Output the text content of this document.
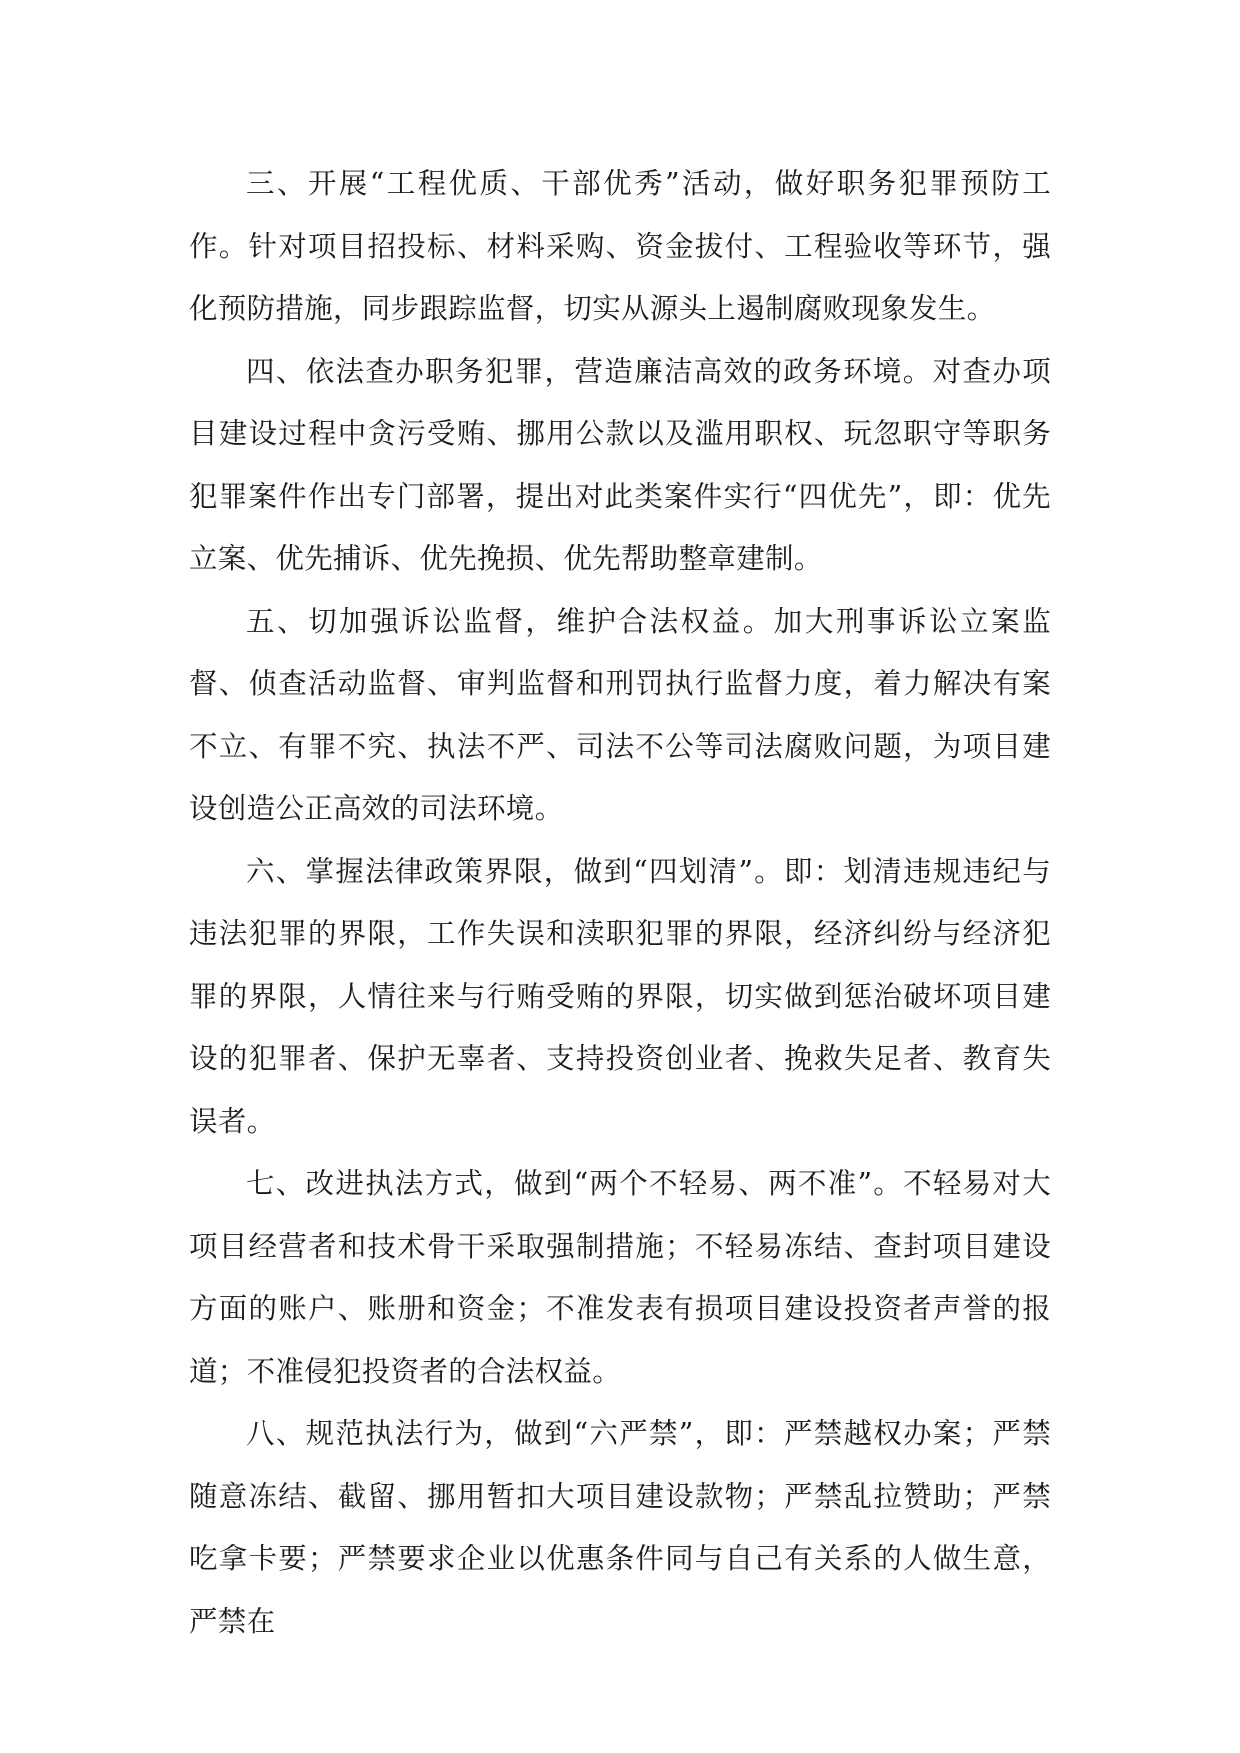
三、开展“工程优质、干部优秀”活动，做好职务犯罪预防工作。针对项目招投标、材料采购、资金拔付、工程验收等环节，强化预防措施，同步跟踪监督，切实从源头上遏制腐败现象发生。

四、依法查办职务犯罪，营造廉洁高效的政务环境。对查办项目建设过程中贪污受贿、挪用公款以及滥用职权、玩忽职守等职务犯罪案件作出专门部署，提出对此类案件实行“四优先”，即：优先立案、优先捕诉、优先挽损、优先帮助整章建制。

五、切加强诉讼监督，维护合法权益。加大刑事诉讼立案监督、侦查活动监督、审判监督和刑罚执行监督力度，着力解决有案不立、有罪不究、执法不严、司法不公等司法腐败问题，为项目建设创造公正高效的司法环境。

六、掌握法律政策界限，做到“四划清”。即：划清违规违纪与违法犯罪的界限，工作失误和渎职犯罪的界限，经济纠纷与经济犯罪的界限，人情往来与行贿受贿的界限，切实做到惩治破坏项目建设的犯罪者、保护无辜者、支持投资创业者、挽救失足者、教育失误者。

七、改进执法方式，做到“两个不轻易、两不准”。不轻易对大项目经营者和技术骨干采取强制措施；不轻易冻结、查封项目建设方面的账户、账册和资金；不准发表有损项目建设投资者声誉的报道；不准侵犯投资者的合法权益。

八、规范执法行为，做到“六严禁”，即：严禁越权办案；严禁随意冻结、截留、挪用暂扣大项目建设款物；严禁乱拉赞助；严禁吃拿卡要；严禁要求企业以优惠条件同与自己有关系的人做生意，严禁在
